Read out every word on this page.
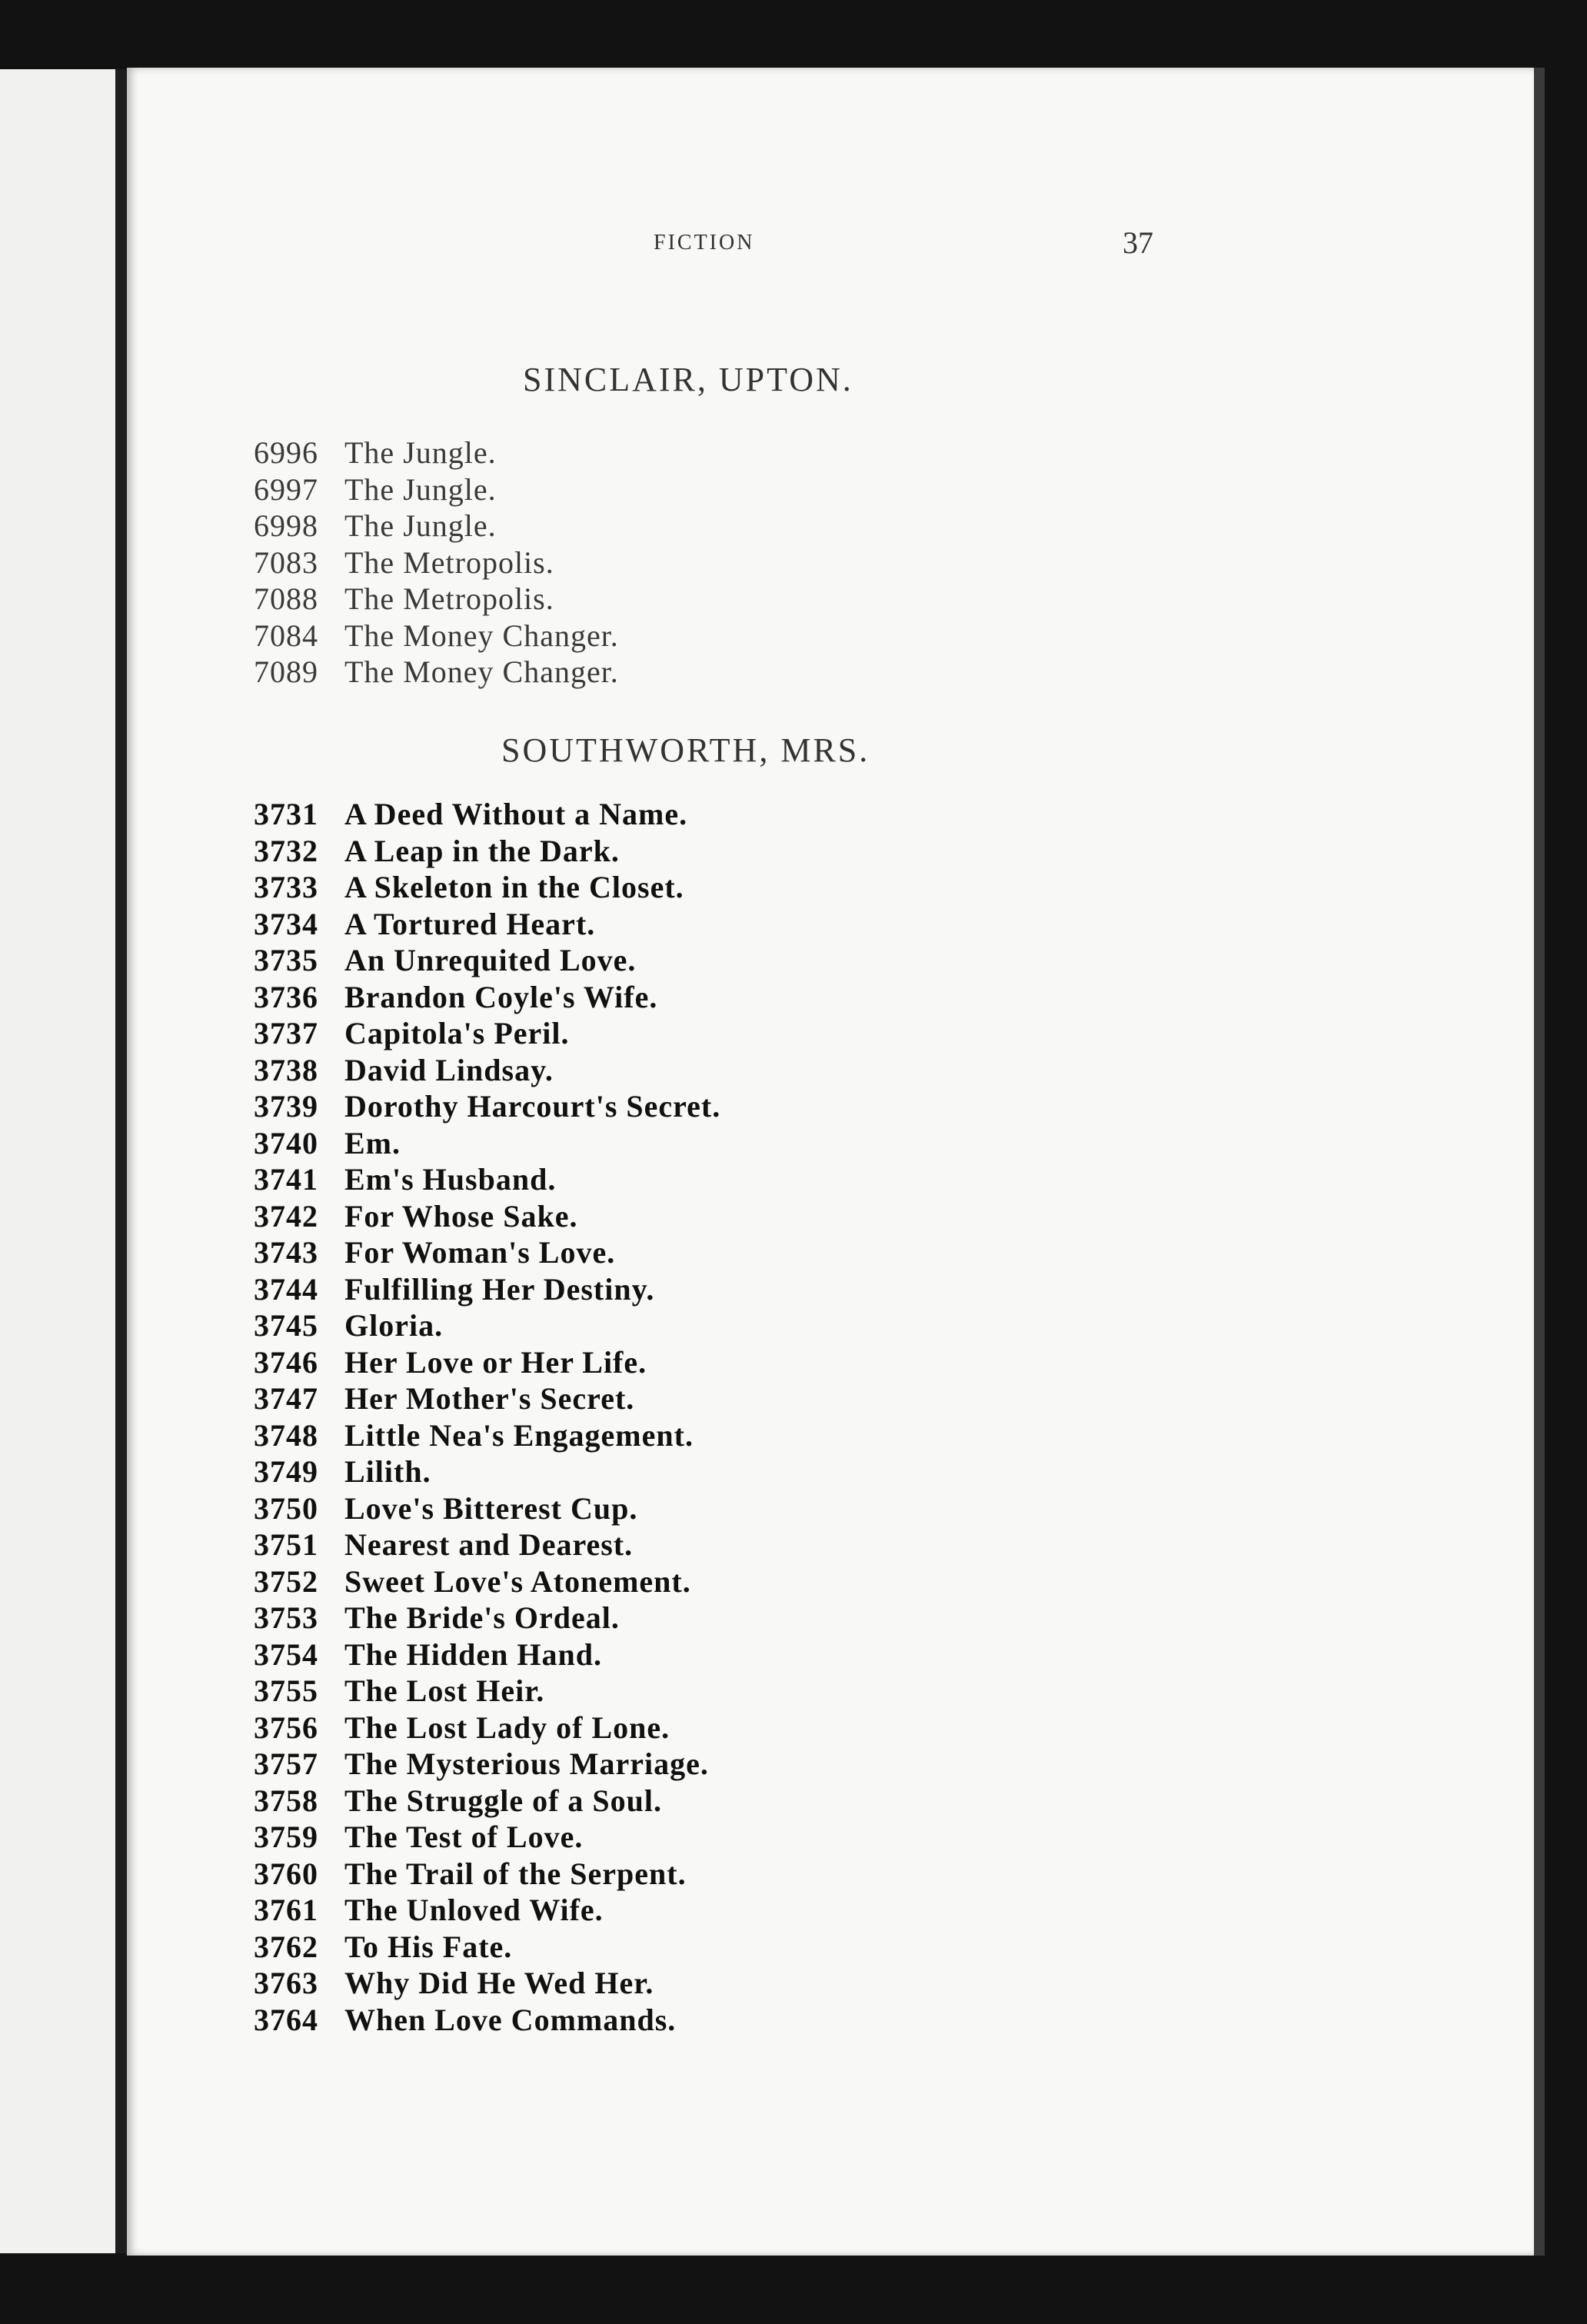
FICTION	37
SINCLAIR, UPTON.
6996 The Jungle.
6997 The Jungle.
6998 The Jungle.
7083 The Metropolis.
7088 The Metropolis.
7084 The Money Changer.
7089 The Money Changer.
SOUTHWORTH, MRS.
3731 A Deed Without a Name.
3732 A Leap in the Dark.
3733 A Skeleton in the Closet.
3734 A Tortured Heart.
3735 An Unrequited Love.
3736 Brandon Coyle's Wife.
3737 Capitola's Peril.
3738 David Lindsay.
3739 Dorothy Harcourt's Secret.
3740 Em.
3741 Em's Husband.
3742 For Whose Sake.
3743 For Woman's Love.
3744 Fulfilling Her Destiny.
3745 Gloria.
3746 Her Love or Her Life.
3747 Her Mother's Secret.
3748 Little Nea's Engagement.
3749 Lilith.
3750 Love's Bitterest Cup.
3751 Nearest and Dearest.
3752 Sweet Love's Atonement.
3753 The Bride's Ordeal.
3754 The Hidden Hand.
3755 The Lost Heir.
3756 The Lost Lady of Lone.
3757 The Mysterious Marriage.
3758 The Struggle of a Soul.
3759 The Test of Love.
3760 The Trail of the Serpent.
3761 The Unloved Wife.
3762 To His Fate.
3763 Why Did He Wed Her.
3764 When Love Commands.
